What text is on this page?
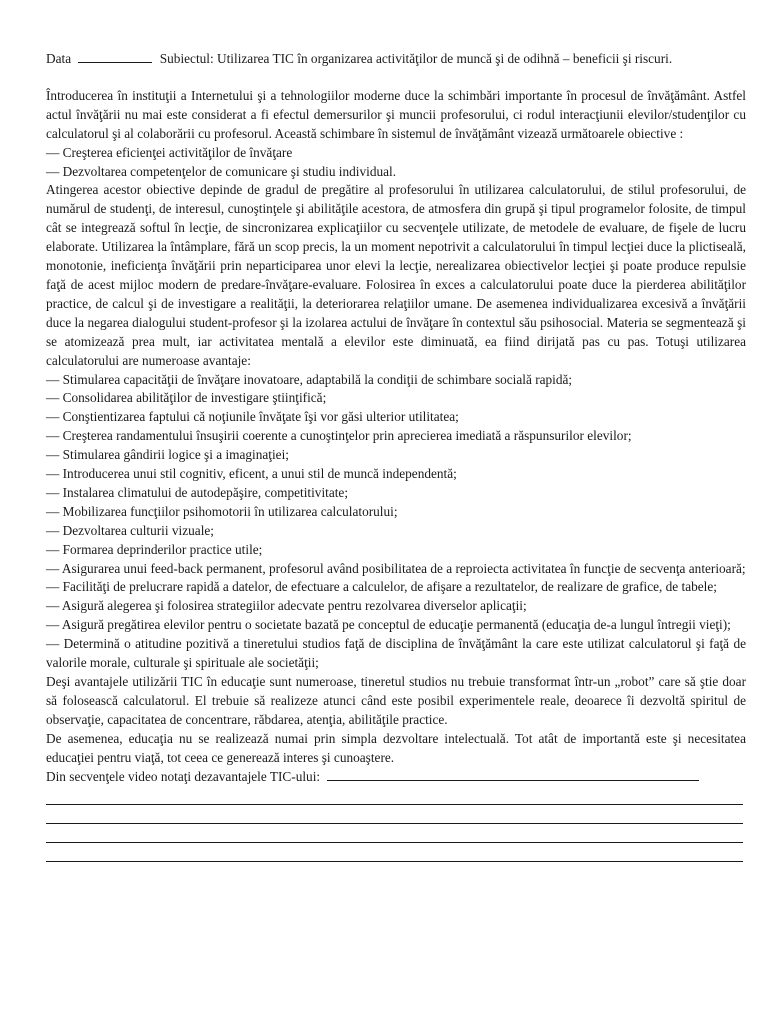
Data	Subiectul: Utilizarea TIC în organizarea activităţilor de muncă şi de odihnă – beneficii şi riscuri.

Întroducerea în instituţii a Internetului şi a tehnologiilor moderne duce la schimbări importante în procesul de învăţământ. Astfel actul învăţării nu mai este considerat a fi efectul demersurilor şi muncii profesorului, ci rodul interacţiunii elevilor/studenţilor cu calculatorul şi al colaborării cu profesorul. Această schimbare în sistemul de învăţământ vizează următoarele obiective :

— Creşterea eficienţei activităţilor de învăţare

— Dezvoltarea competenţelor de comunicare şi studiu individual.

Atingerea acestor obiective depinde de gradul de pregătire al profesorului în utilizarea calculatorului, de stilul profesorului, de numărul de studenţi, de interesul, cunoştinţele şi abilităţile acestora, de atmosfera din grupă şi tipul programelor folosite, de timpul cât se integrează softul în lecţie, de sincronizarea explicaţiilor cu secvenţele utilizate, de metodele de evaluare, de fişele de lucru elaborate. Utilizarea la întâmplare, fără un scop precis, la un moment nepotrivit a calculatorului în timpul lecţiei duce la plictiseală, monotonie, ineficienţa învăţării prin neparticiparea unor elevi la lecţie, nerealizarea obiectivelor lecţiei şi poate produce repulsie faţă de acest mijloc modern de predare-învăţare-evaluare. Folosirea în exces a calculatorului poate duce la pierderea abilităţilor practice, de calcul şi de investigare a realităţii, la deteriorarea relaţiilor umane. De asemenea individualizarea excesivă a învăţării duce la negarea dialogului student-profesor şi la izolarea actului de învăţare în contextul său psihosocial. Materia se segmentează şi se atomizează prea mult, iar activitatea mentală a elevilor este diminuată, ea fiind dirijată pas cu pas. Totuşi utilizarea calculatorului are numeroase avantaje:

— Stimularea capacităţii de învăţare inovatoare, adaptabilă la condiţii de schimbare socială rapidă;

— Consolidarea abilităţilor de investigare ştiinţifică;

— Conştientizarea faptului că noţiunile învăţate îşi vor găsi ulterior utilitatea;

— Creşterea randamentului însuşirii coerente a cunoştinţelor prin aprecierea imediată a răspunsurilor elevilor;

— Stimularea gândirii logice şi a imaginaţiei;

— Introducerea unui stil cognitiv, eficent, a unui stil de muncă independentă;

— Instalarea climatului de autodepăşire, competitivitate;

— Mobilizarea funcţiilor psihomotorii în utilizarea calculatorului;

— Dezvoltarea culturii vizuale;

— Formarea deprinderilor practice utile;

— Asigurarea unui feed-back permanent, profesorul având posibilitatea de a reproiecta activitatea în funcţie de secvenţa anterioară;

— Facilităţi de prelucrare rapidă a datelor, de efectuare a calculelor, de afişare a rezultatelor, de realizare de grafice, de tabele;

— Asigură alegerea şi folosirea strategiilor adecvate pentru rezolvarea diverselor aplicaţii;

— Asigură pregătirea elevilor pentru o societate bazată pe conceptul de educaţie permanentă (educaţia de-a lungul întregii vieţi);

— Determină o atitudine pozitivă a tineretului studios faţă de disciplina de învăţământ la care este utilizat calculatorul şi faţă de valorile morale, culturale şi spirituale ale societăţii;

Deşi avantajele utilizării TIC în educaţie sunt numeroase, tineretul studios nu trebuie transformat într-un „robot” care să ştie doar să folosească calculatorul. El trebuie să realizeze atunci când este posibil experimentele reale, deoarece îi dezvoltă spiritul de observaţie, capacitatea de concentrare, răbdarea, atenţia, abilităţile practice.

De asemenea, educaţia nu se realizează numai prin simpla dezvoltare intelectuală. Tot atât de importantă este şi necesitatea educaţiei pentru viaţă, tot ceea ce generează interes şi cunoaştere.

Din secvenţele video notaţi dezavantajele TIC-ului:
